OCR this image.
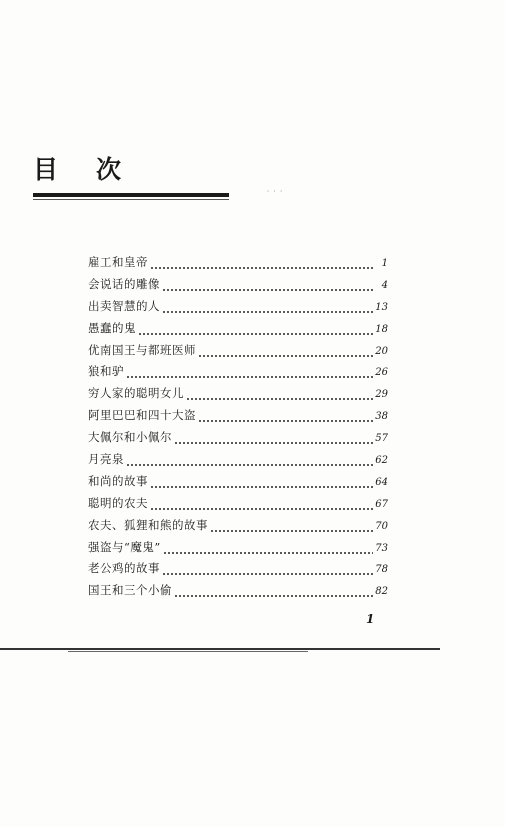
目 次
˙ ˙ ˙
雇工和皇帝	1
会说话的雕像	4
出卖智慧的人	13
愚蠢的鬼	18
优南国王与都班医师	20
狼和驴	26
穷人家的聪明女儿	29
阿里巴巴和四十大盗	38
大佩尔和小佩尔	57
月亮泉	62
和尚的故事	64
聪明的农夫	67
农夫、狐狸和熊的故事	70
强盗与“魔鬼”	73
老公鸡的故事	78
国王和三个小偷	82
1
